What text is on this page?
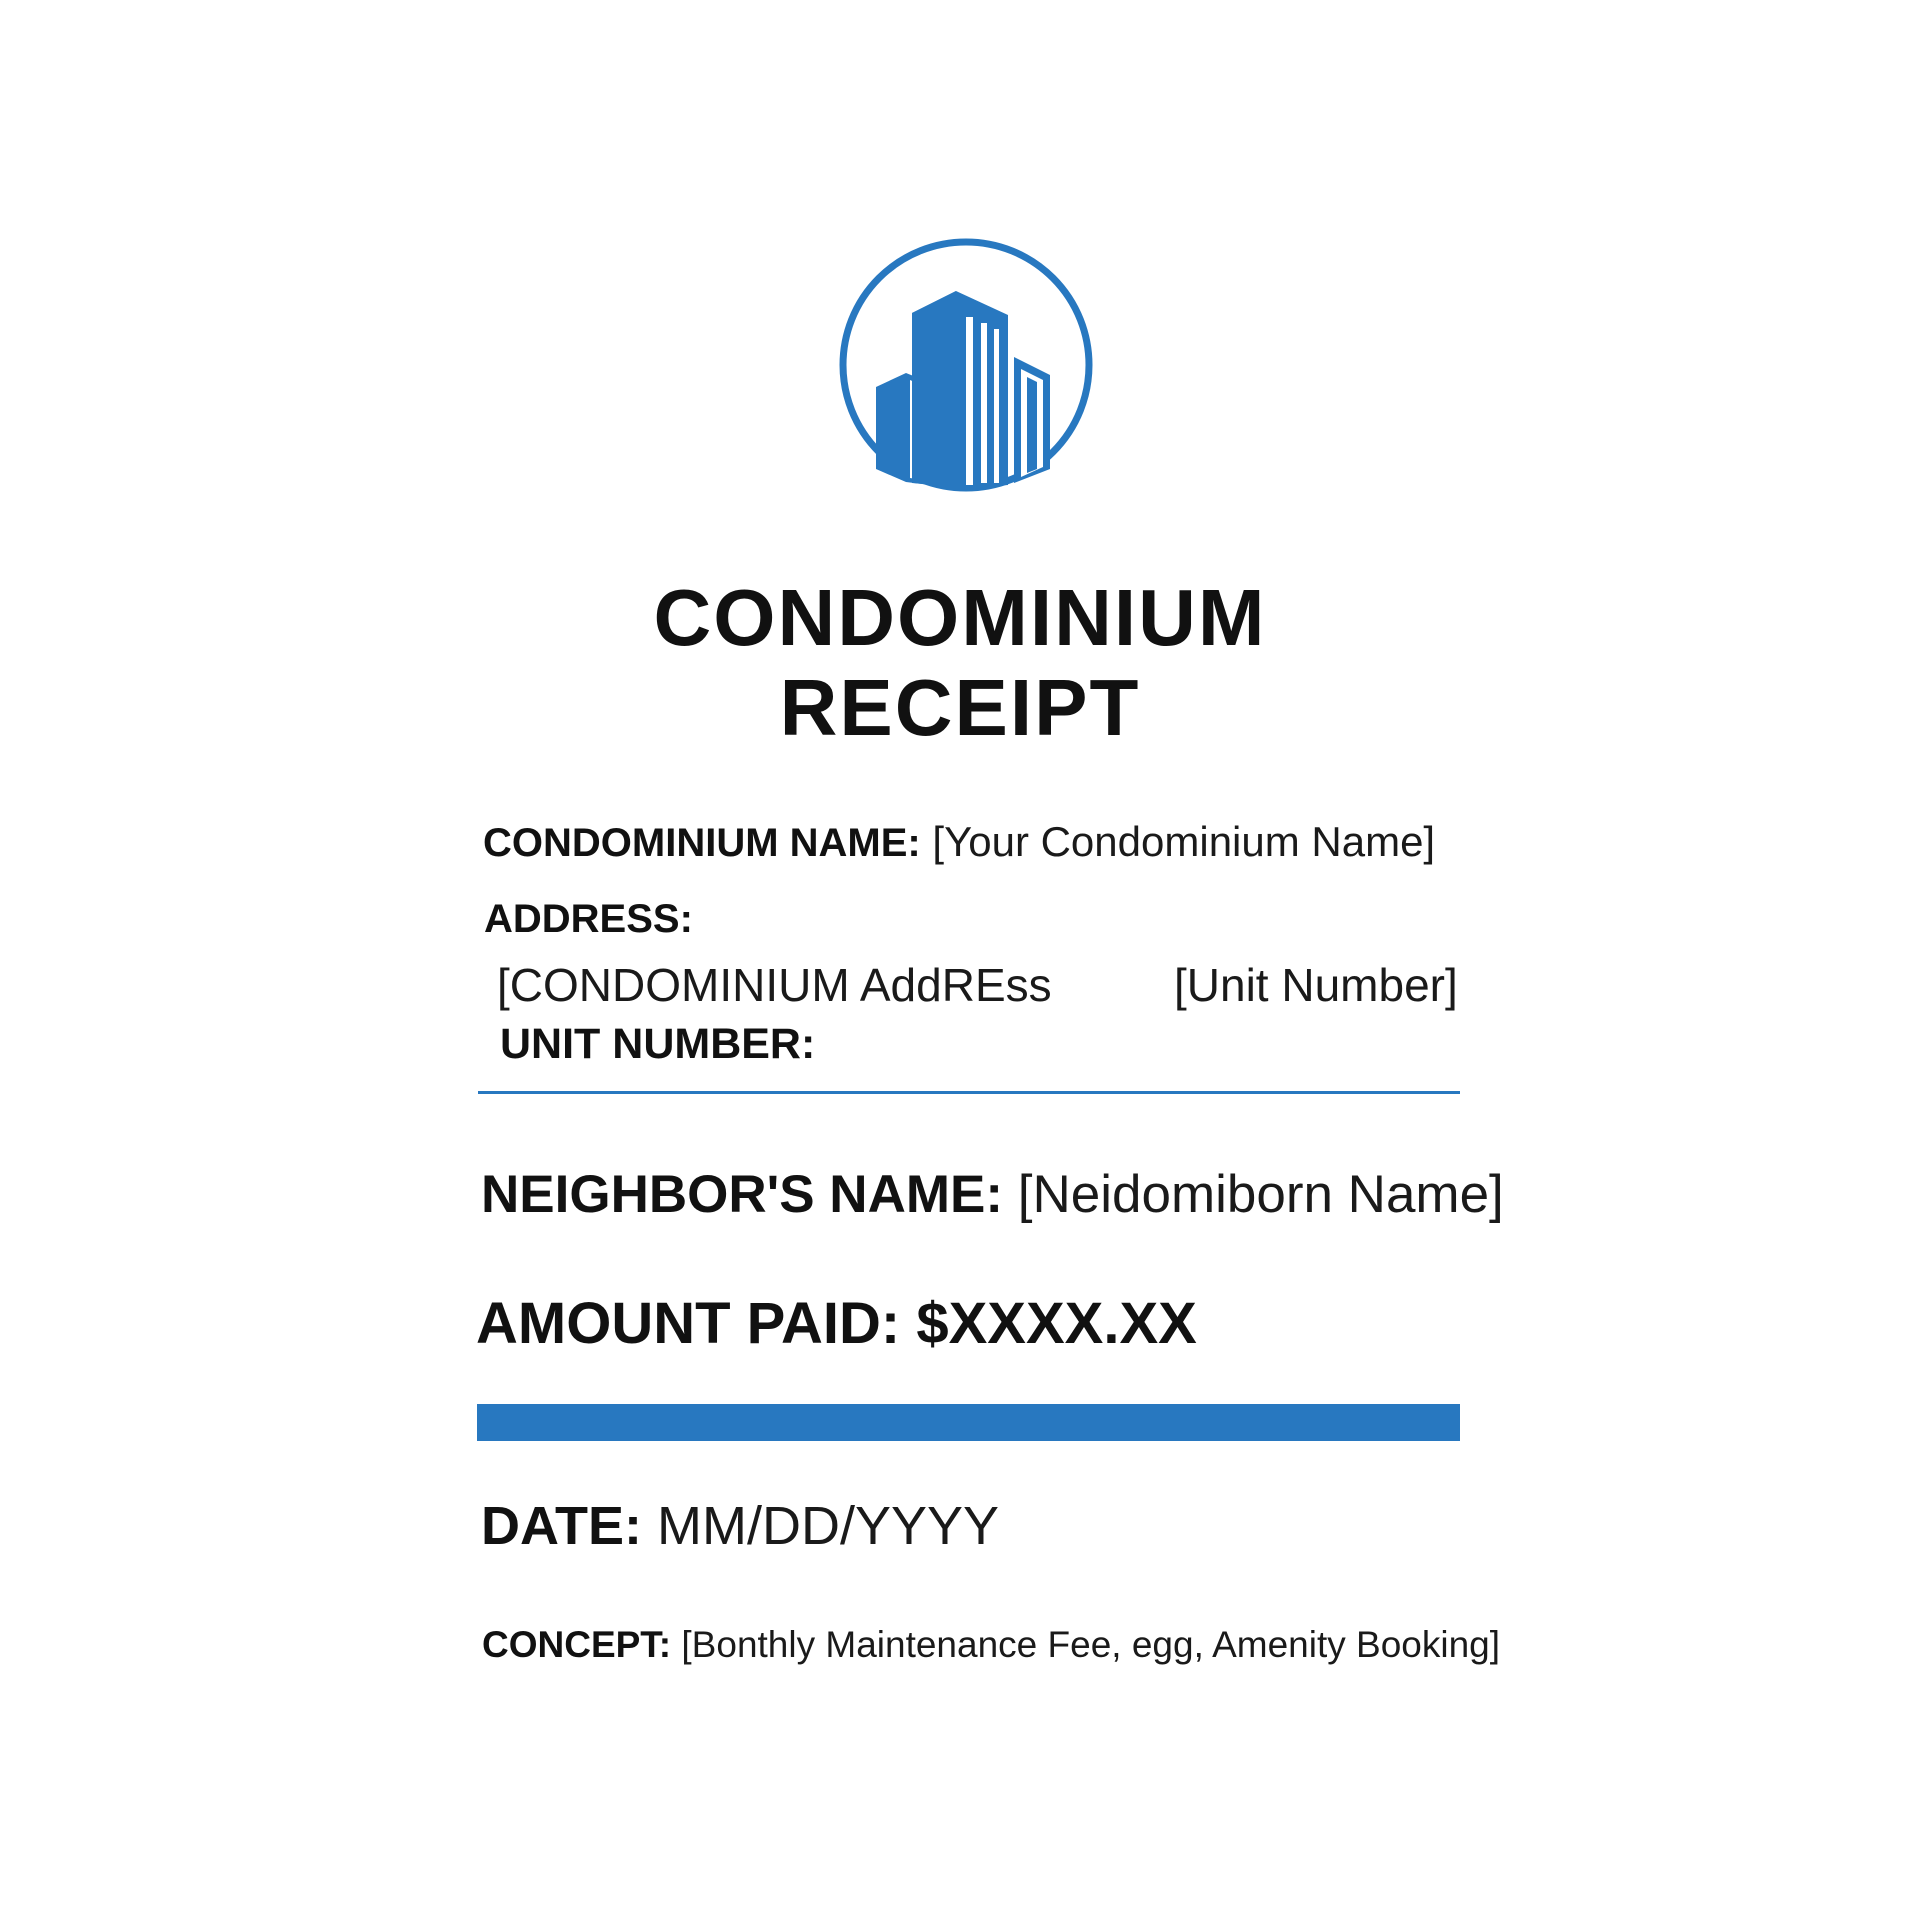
CONDOMINIUM
RECEIPT
CONDOMINIUM NAME: [Your Condominium Name]
ADDRESS:
[CONDOMINIUM AddREss	[Unit Number]
UNIT NUMBER:
NEIGHBOR'S NAME: [Neidomiborn Name]
AMOUNT PAID: $XXXX.XX
DATE: MM/DD/YYYY
CONCEPT: [Bonthly Maintenance Fee, egg, Amenity Booking]
